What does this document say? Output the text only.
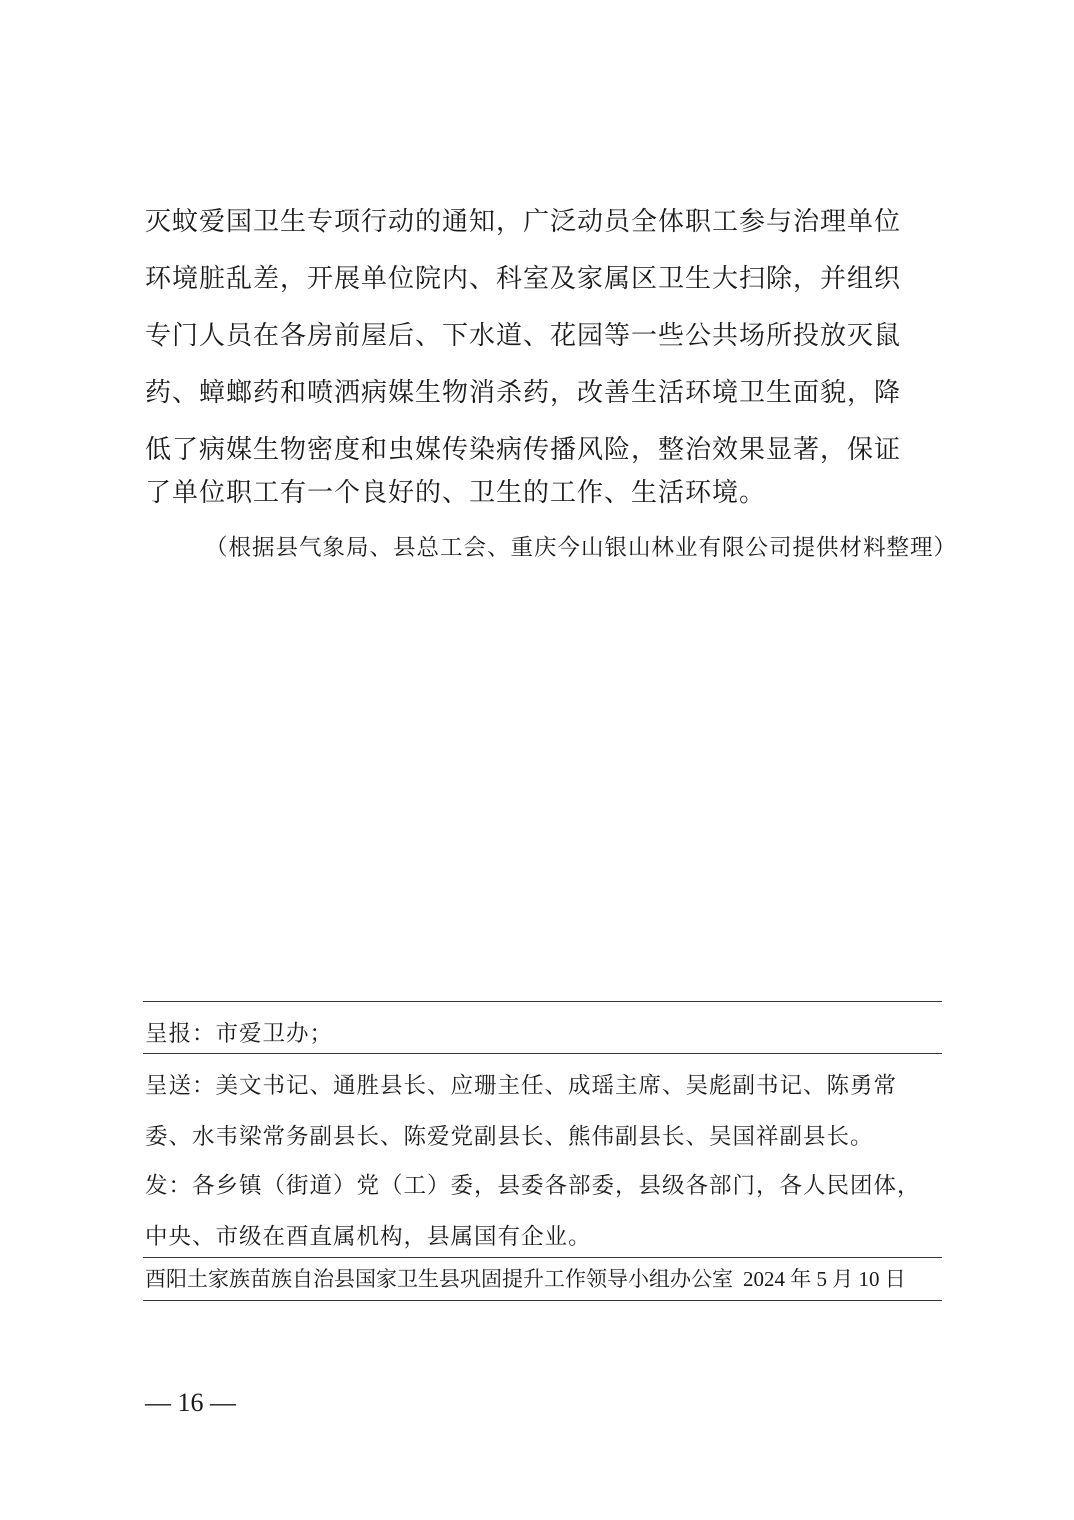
灭蚊爱国卫生专项行动的通知，广泛动员全体职工参与治理单位
环境脏乱差，开展单位院内、科室及家属区卫生大扫除，并组织
专门人员在各房前屋后、下水道、花园等一些公共场所投放灭鼠
药、蟑螂药和喷洒病媒生物消杀药，改善生活环境卫生面貌，降
低了病媒生物密度和虫媒传染病传播风险，整治效果显著，保证
了单位职工有一个良好的、卫生的工作、生活环境。
（根据县气象局、县总工会、重庆今山银山林业有限公司提供材料整理）
呈报：市爱卫办；
呈送：美文书记、通胜县长、应珊主任、成瑶主席、吴彪副书记、陈勇常
委、水韦梁常务副县长、陈爱党副县长、熊伟副县长、吴国祥副县长。
发：各乡镇（街道）党（工）委，县委各部委，县级各部门，各人民团体，
中央、市级在酉直属机构，县属国有企业。
酉阳土家族苗族自治县国家卫生县巩固提升工作领导小组办公室 2024 年 5 月 10 日
— 16 —
